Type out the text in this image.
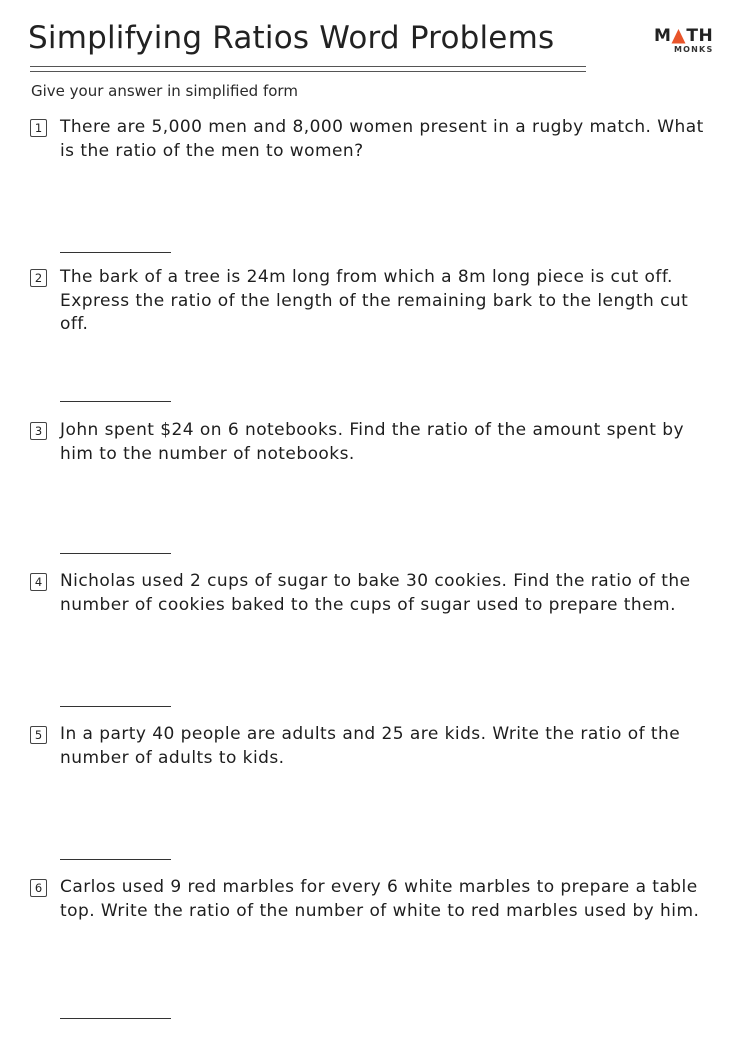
Simplifying Ratios Word Problems	M TH
MONKS
Give your answer in simplified form
1 There are 5,000 men and 8,000 women present in a rugby match. What is the ratio of the men to women?

2 The bark of a tree is 24m long from which a 8m long piece is cut off. Express the ratio of the length of the remaining bark to the length cut off.

3 John spent $24 on 6 notebooks. Find the ratio of the amount spent by him to the number of notebooks.

4 Nicholas used 2 cups of sugar to bake 30 cookies. Find the ratio of the number of cookies baked to the cups of sugar used to prepare them.

5 In a party 40 people are adults and 25 are kids. Write the ratio of the number of adults to kids.

6 Carlos used 9 red marbles for every 6 white marbles to prepare a table top. Write the ratio of the number of white to red marbles used by him.
